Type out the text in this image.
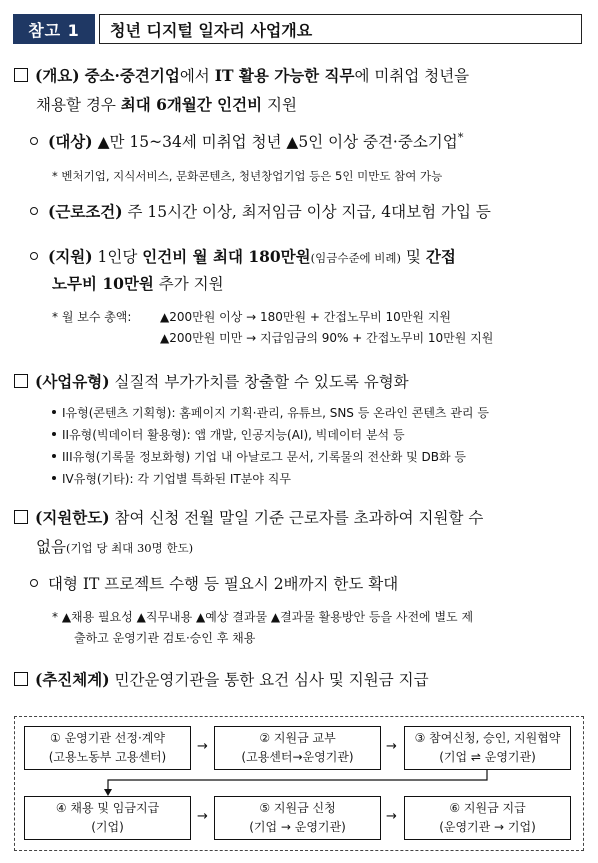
참고 1	청년 디지털 일자리 사업개요
(개요) 중소·중견기업에서 IT 활용 가능한 직무에 미취업 청년을
채용할 경우 최대 6개월간 인건비 지원
(대상) ▲만 15~34세 미취업 청년 ▲5인 이상 중견·중소기업*
* 벤처기업, 지식서비스, 문화콘텐츠, 청년창업기업 등은 5인 미만도 참여 가능
(근로조건) 주 15시간 이상, 최저임금 이상 지급, 4대보험 가입 등
(지원) 1인당 인건비 월 최대 180만원(임금수준에 비례) 및 간접
노무비 10만원 추가 지원
* 월 보수 총액: ▲200만원 이상 → 180만원 + 간접노무비 10만원 지원
▲200만원 미만 → 지급임금의 90% + 간접노무비 10만원 지원
(사업유형) 실질적 부가가치를 창출할 수 있도록 유형화
I유형(콘텐츠 기획형): 홈페이지 기획·관리, 유튜브, SNS 등 온라인 콘텐츠 관리 등
II유형(빅데이터 활용형): 앱 개발, 인공지능(AI), 빅데이터 분석 등
III유형(기록물 정보화형) 기업 내 아날로그 문서, 기록물의 전산화 및 DB화 등
IV유형(기타): 각 기업별 특화된 IT분야 직무
(지원한도) 참여 신청 전월 말일 기준 근로자를 초과하여 지원할 수
없음(기업 당 최대 30명 한도)
대형 IT 프로젝트 수행 등 필요시 2배까지 한도 확대
* ▲채용 필요성 ▲직무내용 ▲예상 결과물 ▲결과물 활용방안 등을 사전에 별도 제
출하고 운영기관 검토·승인 후 채용
(추진체계) 민간운영기관을 통한 요건 심사 및 지원금 지급
① 운영기관 선정·계약
(고용노동부 고용센터)
→
② 지원금 교부
(고용센터→운영기관)
→
③ 참여신청, 승인, 지원협약
(기업 ⇌ 운영기관)
④ 채용 및 임금지급
(기업)
→
⑤ 지원금 신청
(기업 → 운영기관)
→
⑥ 지원금 지급
(운영기관 → 기업)
